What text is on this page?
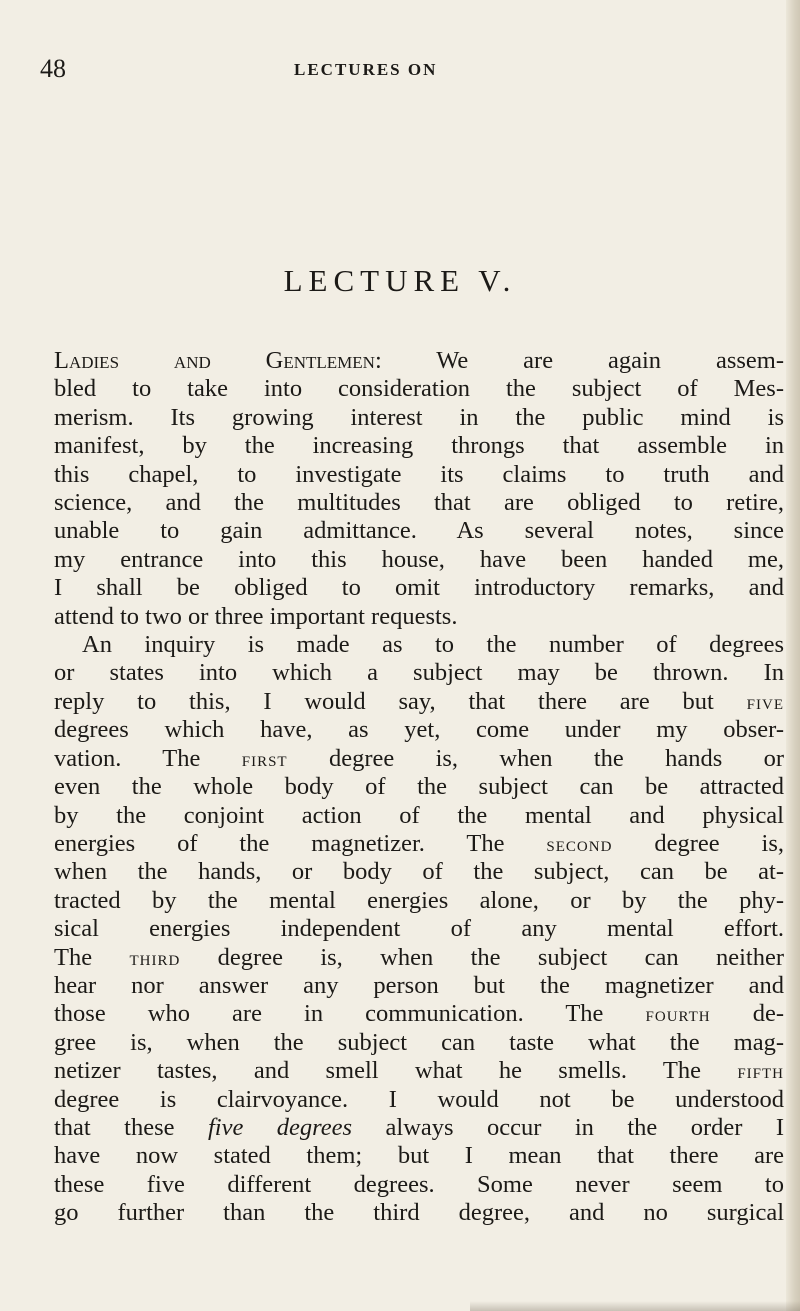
48	LECTURES ON
LECTURE V.
Ladies and Gentlemen: We are again assem-
bled to take into consideration the subject of Mes-
merism. Its growing interest in the public mind is
manifest, by the increasing throngs that assemble in
this chapel, to investigate its claims to truth and
science, and the multitudes that are obliged to retire,
unable to gain admittance. As several notes, since
my entrance into this house, have been handed me,
I shall be obliged to omit introductory remarks, and
attend to two or three important requests.
An inquiry is made as to the number of degrees
or states into which a subject may be thrown. In
reply to this, I would say, that there are but five
degrees which have, as yet, come under my obser-
vation. The first degree is, when the hands or
even the whole body of the subject can be attracted
by the conjoint action of the mental and physical
energies of the magnetizer. The second degree is,
when the hands, or body of the subject, can be at-
tracted by the mental energies alone, or by the phy-
sical energies independent of any mental effort.
The third degree is, when the subject can neither
hear nor answer any person but the magnetizer and
those who are in communication. The fourth de-
gree is, when the subject can taste what the mag-
netizer tastes, and smell what he smells. The fifth
degree is clairvoyance. I would not be understood
that these five degrees always occur in the order I
have now stated them; but I mean that there are
these five different degrees. Some never seem to
go further than the third degree, and no surgical
